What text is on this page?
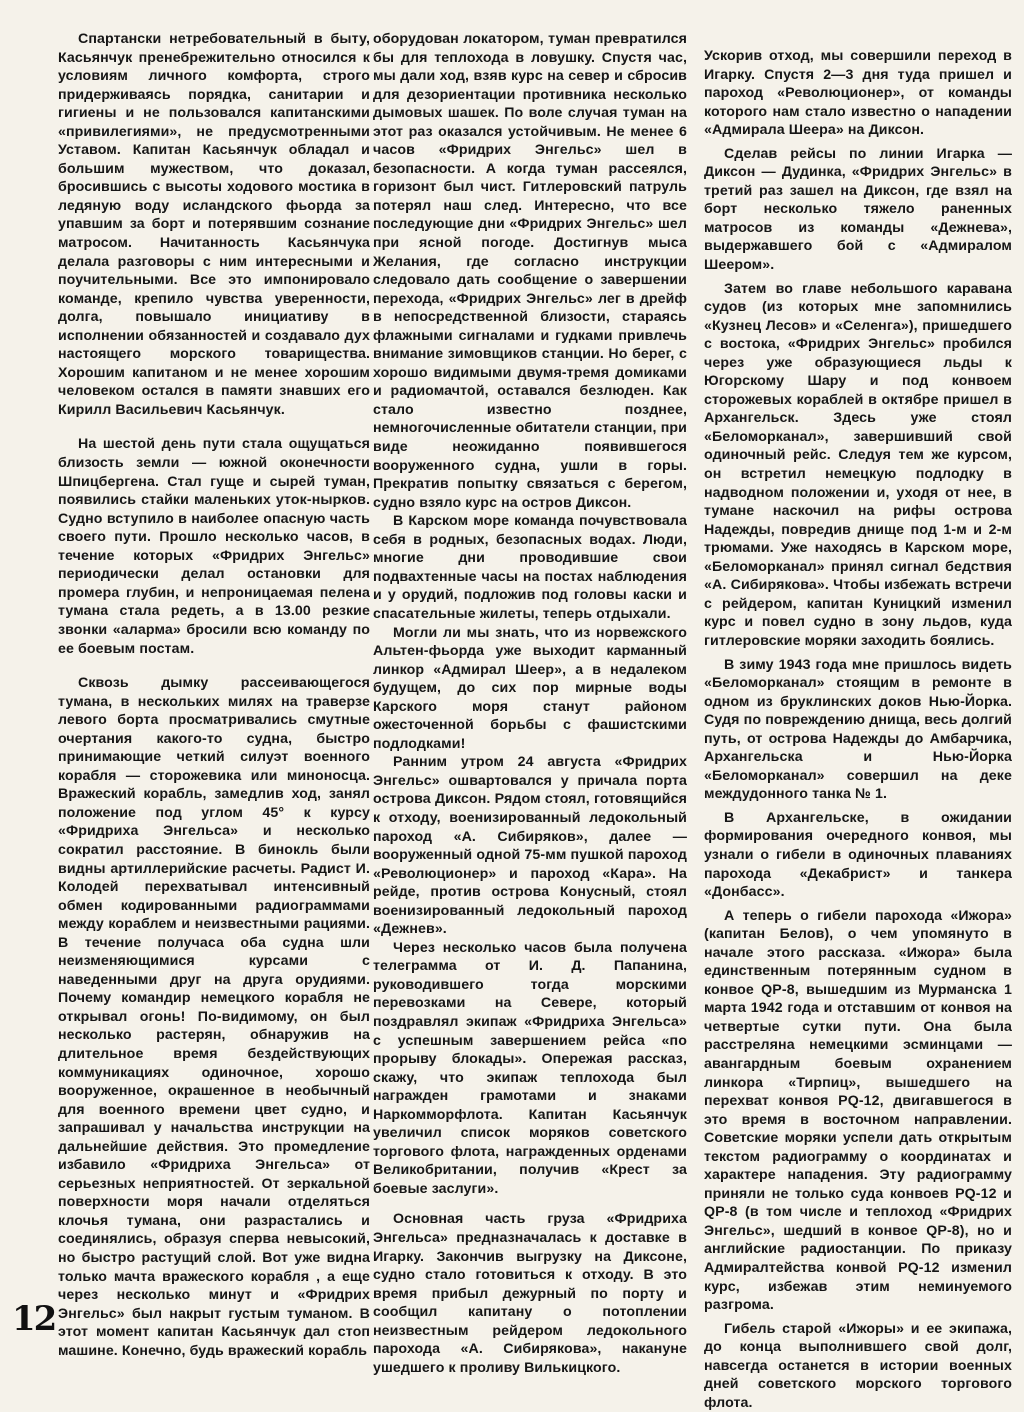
Спартански нетребовательный в быту, Касьянчук пренебрежительно относился к условиям личного комфорта, строго придерживаясь порядка, санитарии и гигиены и не пользовался капитанскими «привилегиями», не предусмотренными Уставом. Капитан Касьянчук обладал и большим мужеством, что доказал, бросившись с высоты ходового мостика в ледяную воду исландского фьорда за упавшим за борт и потерявшим сознание матросом. Начитанность Касьянчука делала разговоры с ним интересными и поучительными. Все это импонировало команде, крепило чувства уверенности, долга, повышало инициативу в исполнении обязанностей и создавало дух настоящего морского товарищества. Хорошим капитаном и не менее хорошим человеком остался в памяти знавших его Кирилл Васильевич Касьянчук.

На шестой день пути стала ощущаться близость земли — южной оконечности Шпицбергена. Стал гуще и сырей туман, появились стайки маленьких уток-нырков. Судно вступило в наиболее опасную часть своего пути. Прошло несколько часов, в течение которых «Фридрих Энгельс» периодически делал остановки для промера глубин, и непроницаемая пелена тумана стала редеть, а в 13.00 резкие звонки «аларма» бросили всю команду по ее боевым постам.

Сквозь дымку рассеивающегося тумана, в нескольких милях на траверзе левого борта просматривались смутные очертания какого-то судна, быстро принимающие четкий силуэт военного корабля — сторожевика или миноносца. Вражеский корабль, замедлив ход, занял положение под углом 45° к курсу «Фридриха Энгельса» и несколько сократил расстояние. В бинокль были видны артиллерийские расчеты. Радист И. Колодей перехватывал интенсивный обмен кодированными радиограммами между кораблем и неизвестными рациями. В течение получаса оба судна шли неизменяющимися курсами с наведенными друг на друга орудиями. Почему командир немецкого корабля не открывал огонь! По-видимому, он был несколько растерян, обнаружив на длительное время бездействующих коммуникациях одиночное, хорошо вооруженное, окрашенное в необычный для военного времени цвет судно, и запрашивал у начальства инструкции на дальнейшие действия. Это промедление избавило «Фридриха Энгельса» от серьезных неприятностей. От зеркальной поверхности моря начали отделяться клочья тумана, они разрастались и соединялись, образуя сперва невысокий, но быстро растущий слой. Вот уже видна только мачта вражеского корабля , а еще через несколько минут и «Фридрих Энгельс» был накрыт густым туманом. В этот момент капитан Касьянчук дал стоп машине. Конечно, будь вражеский корабль

оборудован локатором, туман превратился бы для теплохода в ловушку. Спустя час, мы дали ход, взяв курс на север и сбросив для дезориентации противника несколько дымовых шашек. По воле случая туман на этот раз оказался устойчивым. Не менее 6 часов «Фридрих Энгельс» шел в безопасности. А когда туман рассеялся, горизонт был чист. Гитлеровский патруль потерял наш след. Интересно, что все последующие дни «Фридрих Энгельс» шел при ясной погоде. Достигнув мыса Желания, где согласно инструкции следовало дать сообщение о завершении перехода, «Фридрих Энгельс» лег в дрейф в непосредственной близости, стараясь флажными сигналами и гудками привлечь внимание зимовщиков станции. Но берег, с хорошо видимыми двумя-тремя домиками и радиомачтой, оставался безлюден. Как стало известно позднее, немногочисленные обитатели станции, при виде неожиданно появившегося вооруженного судна, ушли в горы. Прекратив попытку связаться с берегом, судно взяло курс на остров Диксон.

В Карском море команда почувствовала себя в родных, безопасных водах. Люди, многие дни проводившие свои подвахтенные часы на постах наблюдения и у орудий, подложив под головы каски и спасательные жилеты, теперь отдыхали.

Могли ли мы знать, что из норвежского Альтен-фьорда уже выходит карманный линкор «Адмирал Шеер», а в недалеком будущем, до сих пор мирные воды Карского моря станут районом ожесточенной борьбы с фашистскими подлодками!

Ранним утром 24 августа «Фридрих Энгельс» ошвартовался у причала порта острова Диксон. Рядом стоял, готовящийся к отходу, военизированный ледокольный пароход «А. Сибиряков», далее — вооруженный одной 75-мм пушкой пароход «Революционер» и пароход «Кара». На рейде, против острова Конусный, стоял военизированный ледокольный пароход «Дежнев».

Через несколько часов была получена телеграмма от И. Д. Папанина, руководившего тогда морскими перевозками на Севере, который поздравлял экипаж «Фридриха Энгельса» с успешным завершением рейса «по прорыву блокады». Опережая рассказ, скажу, что экипаж теплохода был награжден грамотами и знаками Наркомморфлота. Капитан Касьянчук увеличил список моряков советского торгового флота, награжденных орденами Великобритании, получив «Крест за боевые заслуги».

Основная часть груза «Фридриха Энгельса» предназначалась к доставке в Игарку. Закончив выгрузку на Диксоне, судно стало готовиться к отходу. В это время прибыл дежурный по порту и сообщил капитану о потоплении неизвестным рейдером ледокольного парохода «А. Сибирякова», накануне ушедшего к проливу Вилькицкого.

Ускорив отход, мы совершили переход в Игарку. Спустя 2—3 дня туда пришел и пароход «Революционер», от команды которого нам стало известно о нападении «Адмирала Шеера» на Диксон.

Сделав рейсы по линии Игарка — Диксон — Дудинка, «Фридрих Энгельс» в третий раз зашел на Диксон, где взял на борт несколько тяжело раненных матросов из команды «Дежнева», выдержавшего бой с «Адмиралом Шеером».

Затем во главе небольшого каравана судов (из которых мне запомнились «Кузнец Лесов» и «Селенга»), пришедшего с востока, «Фридрих Энгельс» пробился через уже образующиеся льды к Югорскому Шару и под конвоем сторожевых кораблей в октябре пришел в Архангельск. Здесь уже стоял «Беломорканал», завершивший свой одиночный рейс. Следуя тем же курсом, он встретил немецкую подлодку в надводном положении и, уходя от нее, в тумане наскочил на рифы острова Надежды, повредив днище под 1-м и 2-м трюмами. Уже находясь в Карском море, «Беломорканал» принял сигнал бедствия «А. Сибирякова». Чтобы избежать встречи с рейдером, капитан Куницкий изменил курс и повел судно в зону льдов, куда гитлеровские моряки заходить боялись.

В зиму 1943 года мне пришлось видеть «Беломорканал» стоящим в ремонте в одном из бруклинских доков Нью-Йорка. Судя по повреждению днища, весь долгий путь, от острова Надежды до Амбарчика, Архангельска и Нью-Йорка «Беломорканал» совершил на деке междудонного танка № 1.

В Архангельске, в ожидании формирования очередного конвоя, мы узнали о гибели в одиночных плаваниях парохода «Декабрист» и танкера «Донбасс».

А теперь о гибели парохода «Ижора» (капитан Белов), о чем упомянуто в начале этого рассказа. «Ижора» была единственным потерянным судном в конвое QP-8, вышедшим из Мурманска 1 марта 1942 года и отставшим от конвоя на четвертые сутки пути. Она была расстреляна немецкими эсминцами — авангардным боевым охранением линкора «Тирпиц», вышедшего на перехват конвоя PQ-12, двигавшегося в это время в восточном направлении. Советские моряки успели дать открытым текстом радиограмму о координатах и характере нападения. Эту радиограмму приняли не только суда конвоев PQ-12 и QP-8 (в том числе и теплоход «Фридрих Энгельс», шедший в конвое QP-8), но и английские радиостанции. По приказу Адмиралтейства конвой PQ-12 изменил курс, избежав этим неминуемого разгрома.

Гибель старой «Ижоры» и ее экипажа, до конца выполнившего свой долг, навсегда останется в истории военных дней советского морского торгового флота.

12
